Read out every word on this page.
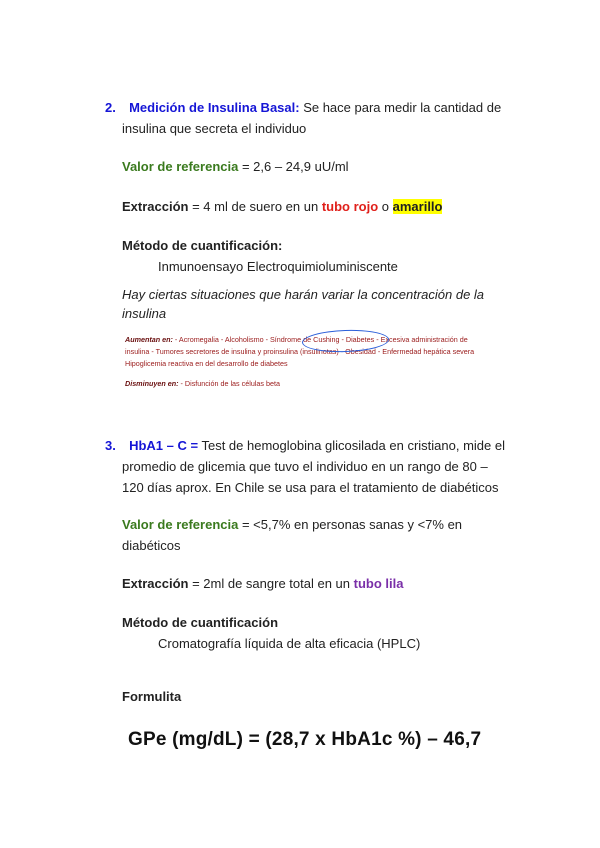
2. Medición de Insulina Basal: Se hace para medir la cantidad de
insulina que secreta el individuo
Valor de referencia = 2,6 – 24,9 uU/ml
Extracción = 4 ml de suero en un tubo rojo o amarillo
Método de cuantificación:
Inmunoensayo Electroquimioluminiscente
Hay ciertas situaciones que harán variar la concentración de la
insulina
Aumentan en: - Acromegalia - Alcoholismo - Síndrome de Cushing - Diabetes - Excesiva administración de
insulina - Tumores secretores de insulina y proinsulina (insulinotas) - Obesidad - Enfermedad hepática severa
Hipoglicemia reactiva en del desarrollo de diabetes
Disminuyen en: - Disfunción de las células beta
3. HbA1 – C = Test de hemoglobina glicosilada en cristiano, mide el
promedio de glicemia que tuvo el individuo en un rango de 80 –
120 días aprox. En Chile se usa para el tratamiento de diabéticos
Valor de referencia = <5,7% en personas sanas y <7% en
diabéticos
Extracción = 2ml de sangre total en un tubo lila
Método de cuantificación
Cromatografía líquida de alta eficacia (HPLC)
Formulita
GPe (mg/dL) = (28,7 x HbA1c %) – 46,7
